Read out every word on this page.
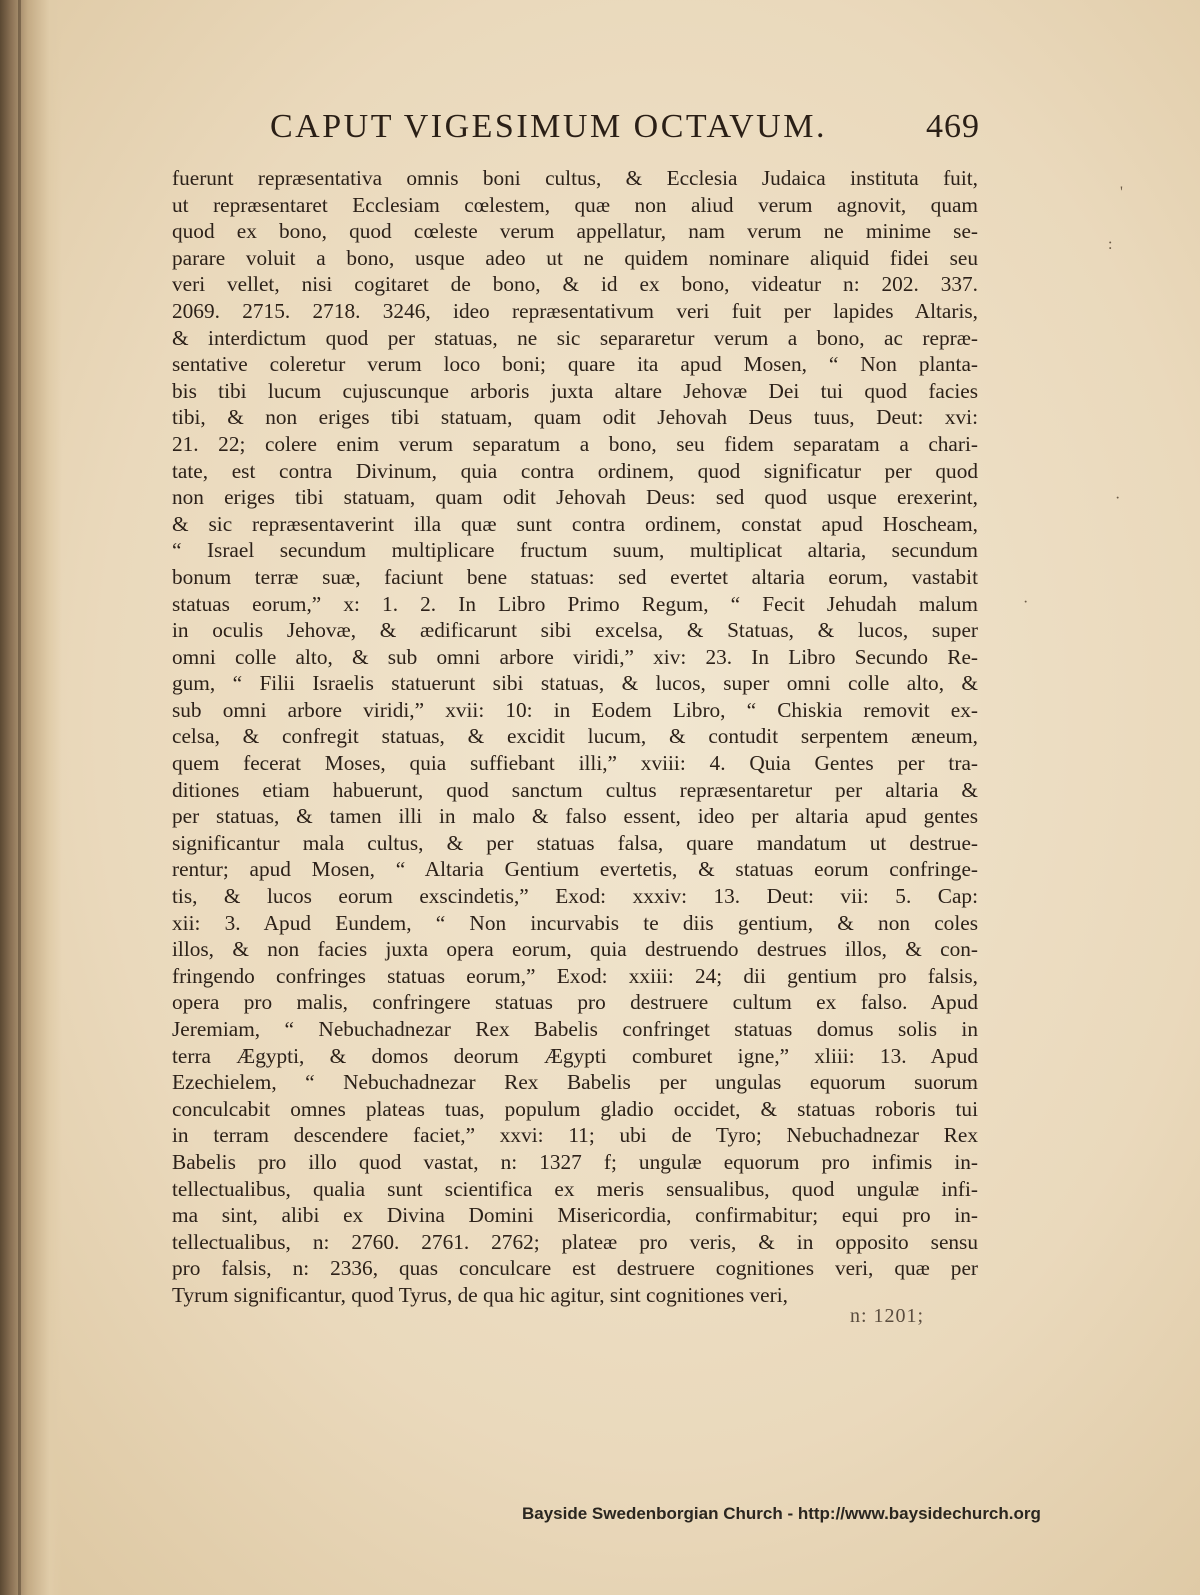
CAPUT VIGESIMUM OCTAVUM.	469
fuerunt repræsentativa omnis boni cultus, & Ecclesia Judaica instituta fuit,
ut repræsentaret Ecclesiam cœlestem, quæ non aliud verum agnovit, quam
quod ex bono, quod cœleste verum appellatur, nam verum ne minime se-
parare voluit a bono, usque adeo ut ne quidem nominare aliquid fidei seu
veri vellet, nisi cogitaret de bono, & id ex bono, videatur n: 202. 337.
2069. 2715. 2718. 3246, ideo repræsentativum veri fuit per lapides Altaris,
& interdictum quod per statuas, ne sic separaretur verum a bono, ac repræ-
sentative coleretur verum loco boni; quare ita apud Mosen, “ Non planta-
bis tibi lucum cujuscunque arboris juxta altare Jehovæ Dei tui quod facies
tibi, & non eriges tibi statuam, quam odit Jehovah Deus tuus, Deut: xvi:
21. 22; colere enim verum separatum a bono, seu fidem separatam a chari-
tate, est contra Divinum, quia contra ordinem, quod significatur per quod
non eriges tibi statuam, quam odit Jehovah Deus: sed quod usque erexerint,
& sic repræsentaverint illa quæ sunt contra ordinem, constat apud Hoscheam,
“ Israel secundum multiplicare fructum suum, multiplicat altaria, secundum
bonum terræ suæ, faciunt bene statuas: sed evertet altaria eorum, vastabit
statuas eorum,” x: 1. 2. In Libro Primo Regum, “ Fecit Jehudah malum
in oculis Jehovæ, & ædificarunt sibi excelsa, & Statuas, & lucos, super
omni colle alto, & sub omni arbore viridi,” xiv: 23. In Libro Secundo Re-
gum, “ Filii Israelis statuerunt sibi statuas, & lucos, super omni colle alto, &
sub omni arbore viridi,” xvii: 10: in Eodem Libro, “ Chiskia removit ex-
celsa, & confregit statuas, & excidit lucum, & contudit serpentem æneum,
quem fecerat Moses, quia suffiebant illi,” xviii: 4. Quia Gentes per tra-
ditiones etiam habuerunt, quod sanctum cultus repræsentaretur per altaria &
per statuas, & tamen illi in malo & falso essent, ideo per altaria apud gentes
significantur mala cultus, & per statuas falsa, quare mandatum ut destrue-
rentur; apud Mosen, “ Altaria Gentium evertetis, & statuas eorum confringe-
tis, & lucos eorum exscindetis,” Exod: xxxiv: 13. Deut: vii: 5. Cap:
xii: 3. Apud Eundem, “ Non incurvabis te diis gentium, & non coles
illos, & non facies juxta opera eorum, quia destruendo destrues illos, & con-
fringendo confringes statuas eorum,” Exod: xxiii: 24; dii gentium pro falsis,
opera pro malis, confringere statuas pro destruere cultum ex falso. Apud
Jeremiam, “ Nebuchadnezar Rex Babelis confringet statuas domus solis in
terra Ægypti, & domos deorum Ægypti comburet igne,” xliii: 13. Apud
Ezechielem, “ Nebuchadnezar Rex Babelis per ungulas equorum suorum
conculcabit omnes plateas tuas, populum gladio occidet, & statuas roboris tui
in terram descendere faciet,” xxvi: 11; ubi de Tyro; Nebuchadnezar Rex
Babelis pro illo quod vastat, n: 1327 f; ungulæ equorum pro infimis in-
tellectualibus, qualia sunt scientifica ex meris sensualibus, quod ungulæ infi-
ma sint, alibi ex Divina Domini Misericordia, confirmabitur; equi pro in-
tellectualibus, n: 2760. 2761. 2762; plateæ pro veris, & in opposito sensu
pro falsis, n: 2336, quas conculcare est destruere cognitiones veri, quæ per
Tyrum significantur, quod Tyrus, de qua hic agitur, sint cognitiones veri,
n: 1201;
'
:
·
·
Bayside Swedenborgian Church - http://www.baysidechurch.org
